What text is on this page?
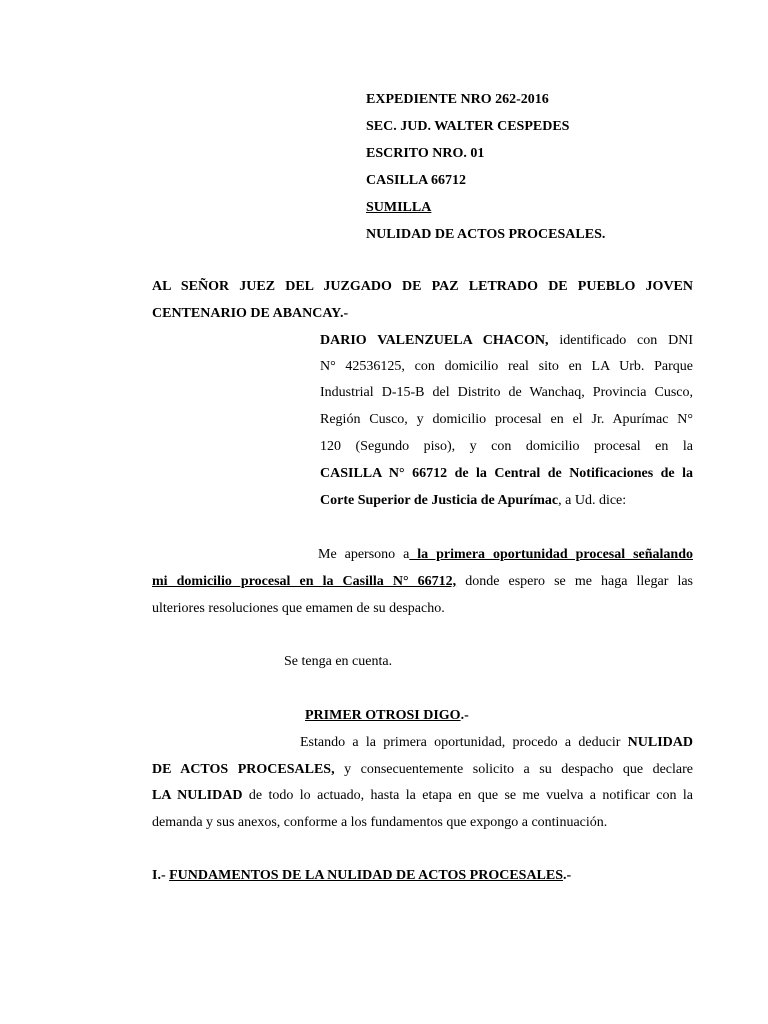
EXPEDIENTE NRO 262-2016
SEC. JUD. WALTER CESPEDES
ESCRITO NRO. 01
CASILLA 66712
SUMILLA
NULIDAD DE ACTOS PROCESALES.
AL SEÑOR JUEZ DEL JUZGADO DE PAZ LETRADO DE PUEBLO JOVEN
CENTENARIO DE ABANCAY.-
DARIO VALENZUELA CHACON, identificado con DNI
N° 42536125, con domicilio real sito en LA Urb. Parque
Industrial D-15-B del Distrito de Wanchaq, Provincia Cusco,
Región Cusco, y domicilio procesal en el Jr. Apurímac N°
120 (Segundo piso), y con domicilio procesal en la
CASILLA N° 66712 de la Central de Notificaciones de la
Corte Superior de Justicia de Apurímac, a Ud. dice:
Me apersono a la primera oportunidad procesal señalando
mi domicilio procesal en la Casilla N° 66712, donde espero se me haga llegar las
ulteriores resoluciones que emamen de su despacho.
Se tenga en cuenta.
PRIMER OTROSI DIGO.-
Estando a la primera oportunidad, procedo a deducir NULIDAD
DE ACTOS PROCESALES, y consecuentemente solicito a su despacho que declare
LA NULIDAD de todo lo actuado, hasta la etapa en que se me vuelva a notificar con la
demanda y sus anexos, conforme a los fundamentos que expongo a continuación.
I.- FUNDAMENTOS DE LA NULIDAD DE ACTOS PROCESALES.-
